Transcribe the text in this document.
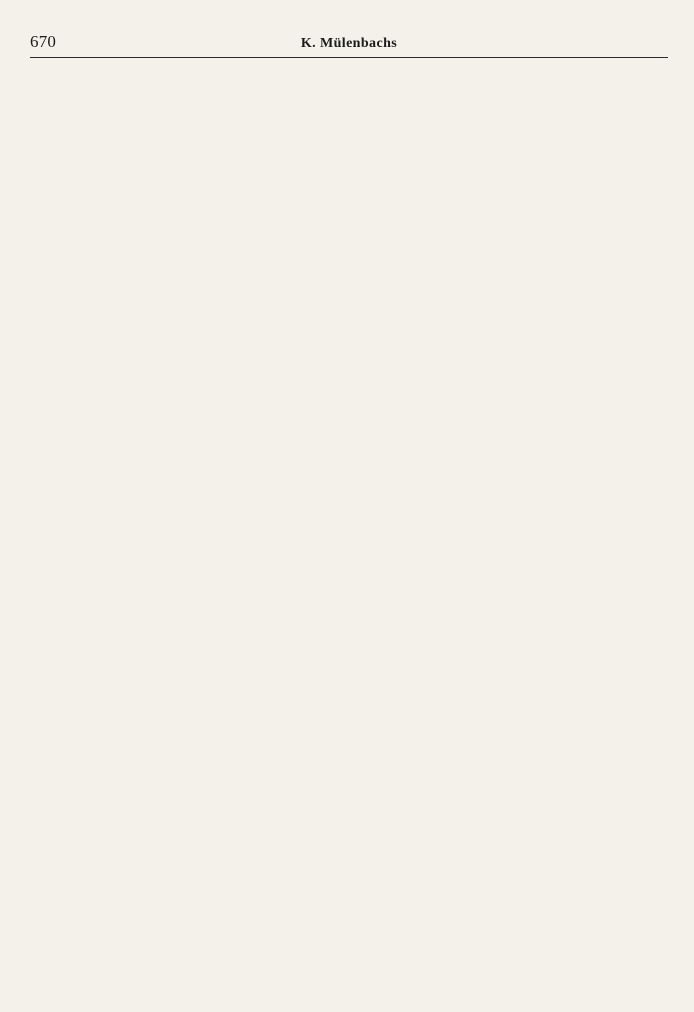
670	K. Mülenbachs
